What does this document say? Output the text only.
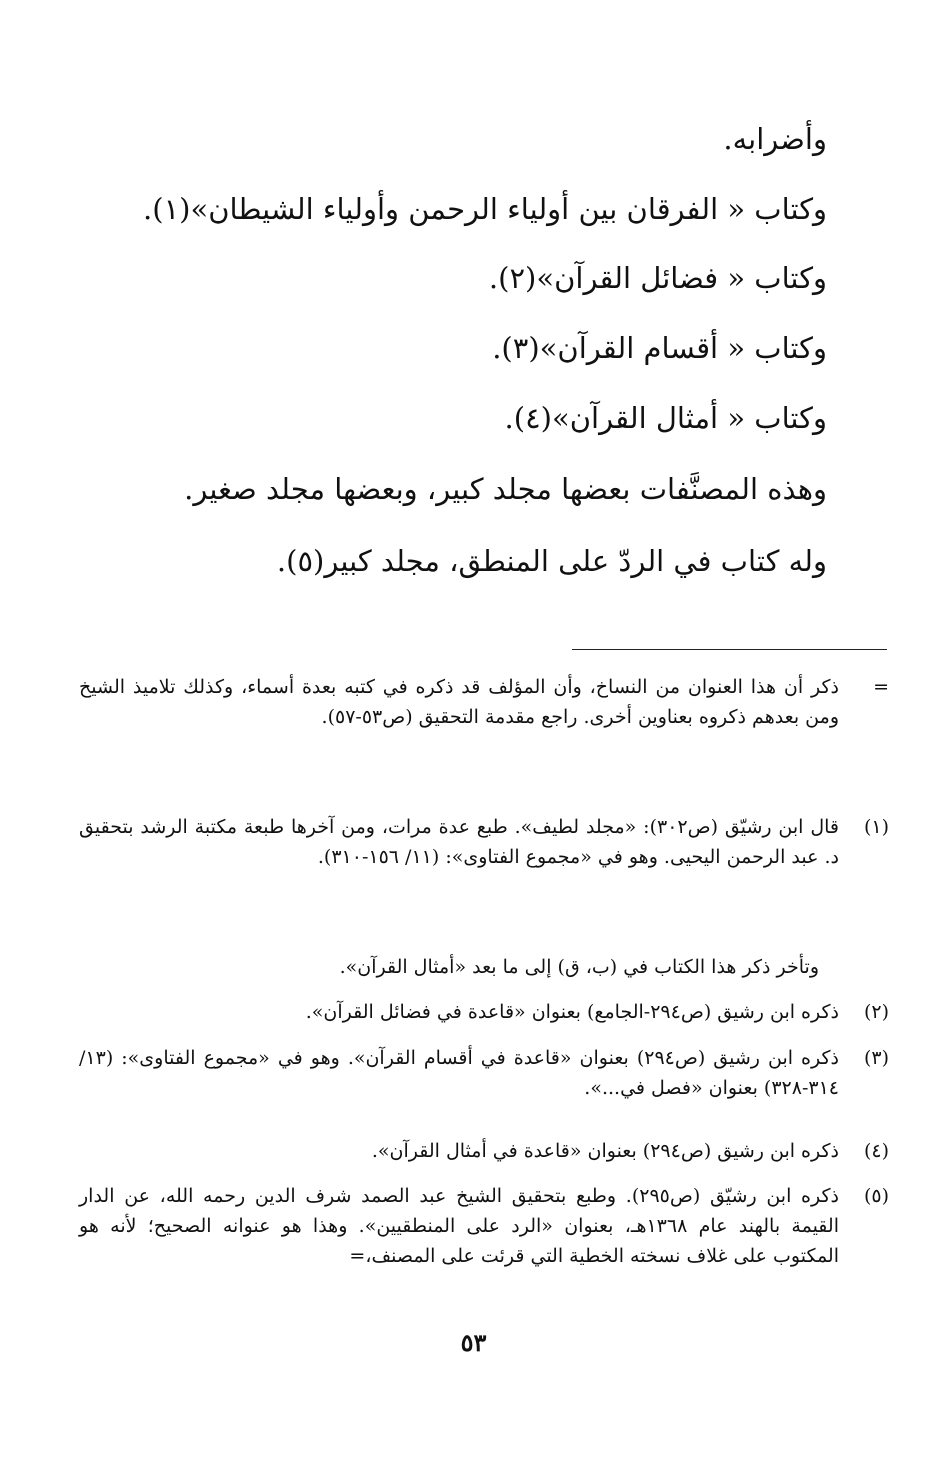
وأضرابه.
وكتاب « الفرقان بين أولياء الرحمن وأولياء الشيطان»(١).
وكتاب « فضائل القرآن»(٢).
وكتاب « أقسام القرآن»(٣).
وكتاب « أمثال القرآن»(٤).
وهذه المصنَّفات بعضها مجلد كبير، وبعضها مجلد صغير.
وله كتاب في الردّ على المنطق، مجلد كبير(٥).
=
ذكر أن هذا العنوان من النساخ، وأن المؤلف قد ذكره في كتبه بعدة أسماء، وكذلك تلاميذ الشيخ ومن بعدهم ذكروه بعناوين أخرى. راجع مقدمة التحقيق (ص٥٣-٥٧).
(١)
قال ابن رشيّق (ص٣٠٢): «مجلد لطيف». طبع عدة مرات، ومن آخرها طبعة مكتبة الرشد بتحقيق د. عبد الرحمن اليحيى. وهو في «مجموع الفتاوى»: (١١/ ١٥٦-٣١٠).
وتأخر ذكر هذا الكتاب في (ب، ق) إلى ما بعد «أمثال القرآن».
(٢)
ذكره ابن رشيق (ص٢٩٤-الجامع) بعنوان «قاعدة في فضائل القرآن».
(٣)
ذكره ابن رشيق (ص٢٩٤) بعنوان «قاعدة في أقسام القرآن». وهو في «مجموع الفتاوى»: (١٣/ ٣١٤-٣٢٨) بعنوان «فصل في...».
(٤)
ذكره ابن رشيق (ص٢٩٤) بعنوان «قاعدة في أمثال القرآن».
(٥)
ذكره ابن رشيّق (ص٢٩٥). وطبع بتحقيق الشيخ عبد الصمد شرف الدين رحمه الله، عن الدار القيمة بالهند عام ١٣٦٨هـ، بعنوان «الرد على المنطقيين». وهذا هو عنوانه الصحيح؛ لأنه هو المكتوب على غلاف نسخته الخطية التي قرئت على المصنف،=
٥٣
